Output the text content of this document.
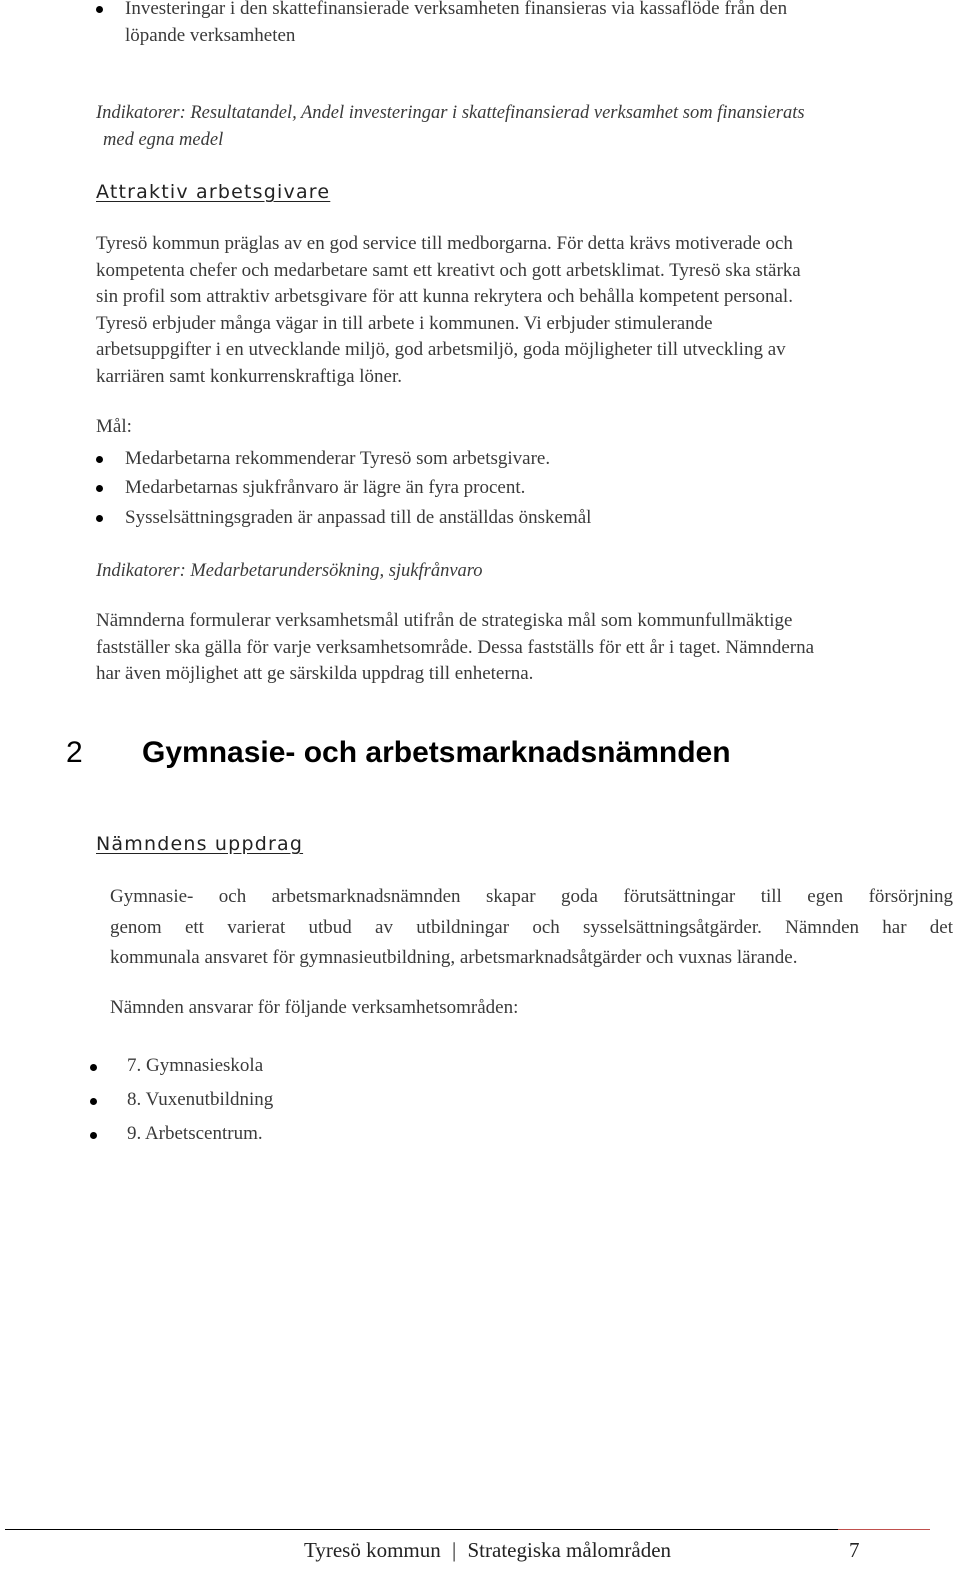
Investeringar i den skattefinansierade verksamheten finansieras via kassaflöde från den
löpande verksamheten
Indikatorer: Resultatandel, Andel investeringar i skattefinansierad verksamhet som finansierats
med egna medel
Attraktiv arbetsgivare
Tyresö kommun präglas av en god service till medborgarna. För detta krävs motiverade och
kompetenta chefer och medarbetare samt ett kreativt och gott arbetsklimat. Tyresö ska stärka
sin profil som attraktiv arbetsgivare för att kunna rekrytera och behålla kompetent personal.
Tyresö erbjuder många vägar in till arbete i kommunen. Vi erbjuder stimulerande
arbetsuppgifter i en utvecklande miljö, god arbetsmiljö, goda möjligheter till utveckling av
karriären samt konkurrenskraftiga löner.
Mål:
Medarbetarna rekommenderar Tyresö som arbetsgivare.
Medarbetarnas sjukfrånvaro är lägre än fyra procent.
Sysselsättningsgraden är anpassad till de anställdas önskemål
Indikatorer: Medarbetarundersökning, sjukfrånvaro
Nämnderna formulerar verksamhetsmål utifrån de strategiska mål som kommunfullmäktige
fastställer ska gälla för varje verksamhetsområde. Dessa fastställs för ett år i taget. Nämnderna
har även möjlighet att ge särskilda uppdrag till enheterna.
2 Gymnasie- och arbetsmarknadsnämnden
Nämndens uppdrag
Gymnasie- och arbetsmarknadsnämnden skapar goda förutsättningar till egen försörjning
genom ett varierat utbud av utbildningar och sysselsättningsåtgärder. Nämnden har det
kommunala ansvaret för gymnasieutbildning, arbetsmarknadsåtgärder och vuxnas lärande.
Nämnden ansvarar för följande verksamhetsområden:
7. Gymnasieskola
8. Vuxenutbildning
9. Arbetscentrum.
Tyresö kommun | Strategiska målområden	7
